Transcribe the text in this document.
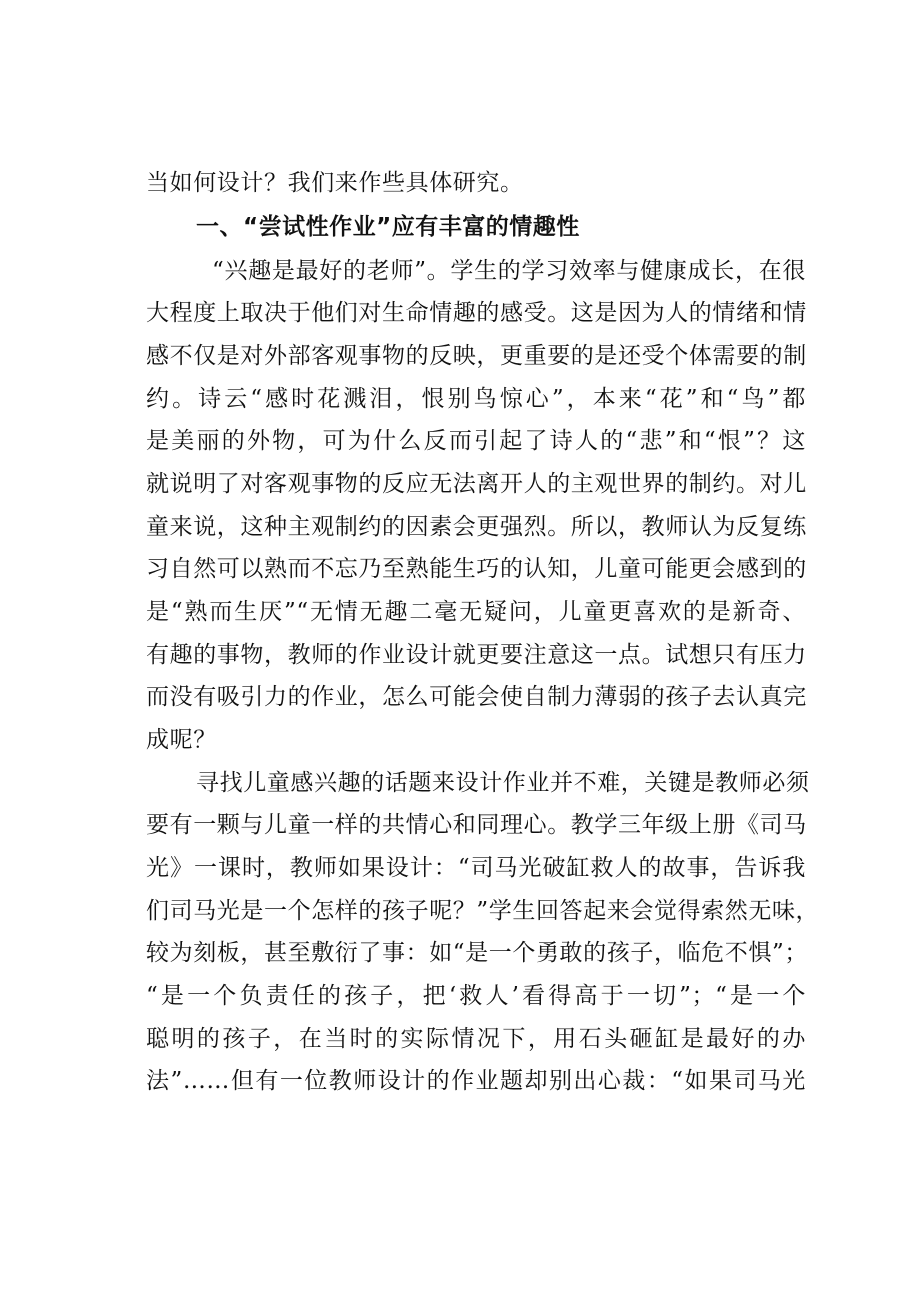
当如何设计？我们来作些具体研究。
一、“尝试性作业”应有丰富的情趣性
“兴趣是最好的老师”。学生的学习效率与健康成长，在很
大程度上取决于他们对生命情趣的感受。这是因为人的情绪和情
感不仅是对外部客观事物的反映，更重要的是还受个体需要的制
约。诗云“感时花溅泪，恨别鸟惊心”，本来“花”和“鸟”都
是美丽的外物，可为什么反而引起了诗人的“悲”和“恨”？这
就说明了对客观事物的反应无法离开人的主观世界的制约。对儿
童来说，这种主观制约的因素会更强烈。所以，教师认为反复练
习自然可以熟而不忘乃至熟能生巧的认知，儿童可能更会感到的
是“熟而生厌”“无情无趣二毫无疑问，儿童更喜欢的是新奇、
有趣的事物，教师的作业设计就更要注意这一点。试想只有压力
而没有吸引力的作业，怎么可能会使自制力薄弱的孩子去认真完
成呢？
寻找儿童感兴趣的话题来设计作业并不难，关键是教师必须
要有一颗与儿童一样的共情心和同理心。教学三年级上册《司马
光》一课时，教师如果设计：“司马光破缸救人的故事，告诉我
们司马光是一个怎样的孩子呢？”学生回答起来会觉得索然无味，
较为刻板，甚至敷衍了事：如“是一个勇敢的孩子，临危不惧”；
“是一个负责任的孩子，把‘救人’看得高于一切”；“是一个
聪明的孩子，在当时的实际情况下，用石头砸缸是最好的办
法”……但有一位教师设计的作业题却别出心裁：“如果司马光
